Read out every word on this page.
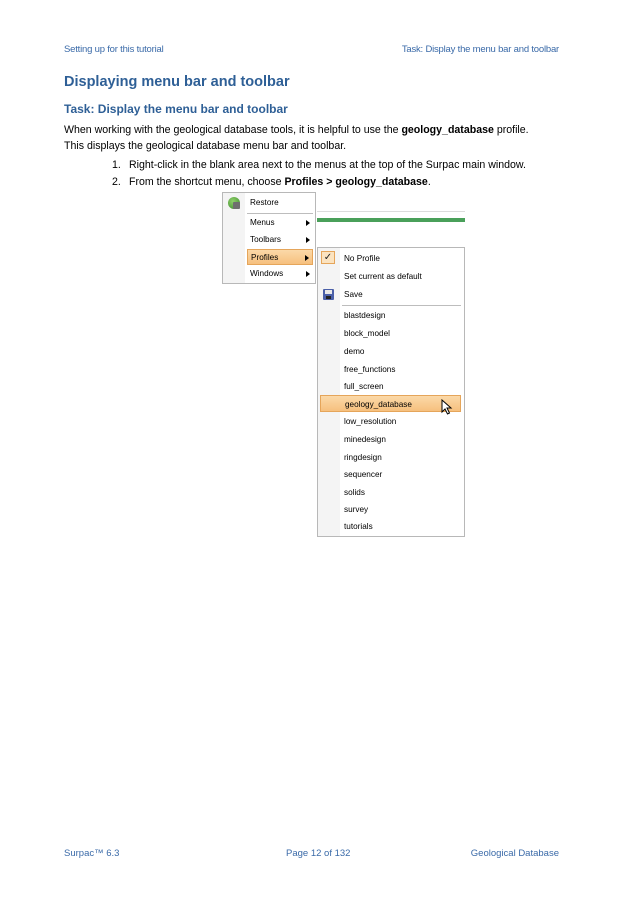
Setting up for this tutorial	Task: Display the menu bar and toolbar
Displaying menu bar and toolbar
Task: Display the menu bar and toolbar
When working with the geological database tools, it is helpful to use the geology_database profile.
This displays the geological database menu bar and toolbar.
1. Right-click in the blank area next to the menus at the top of the Surpac main window.
2. From the shortcut menu, choose Profiles > geology_database.
Restore
Menus
Toolbars
Profiles
Windows
✓	No Profile
Set current as default
Save
blastdesign
block_model
demo
free_functions
full_screen
geology_database
low_resolution
minedesign
ringdesign
sequencer
solids
survey
tutorials
Surpac™ 6.3	Page 12 of 132	Geological Database
